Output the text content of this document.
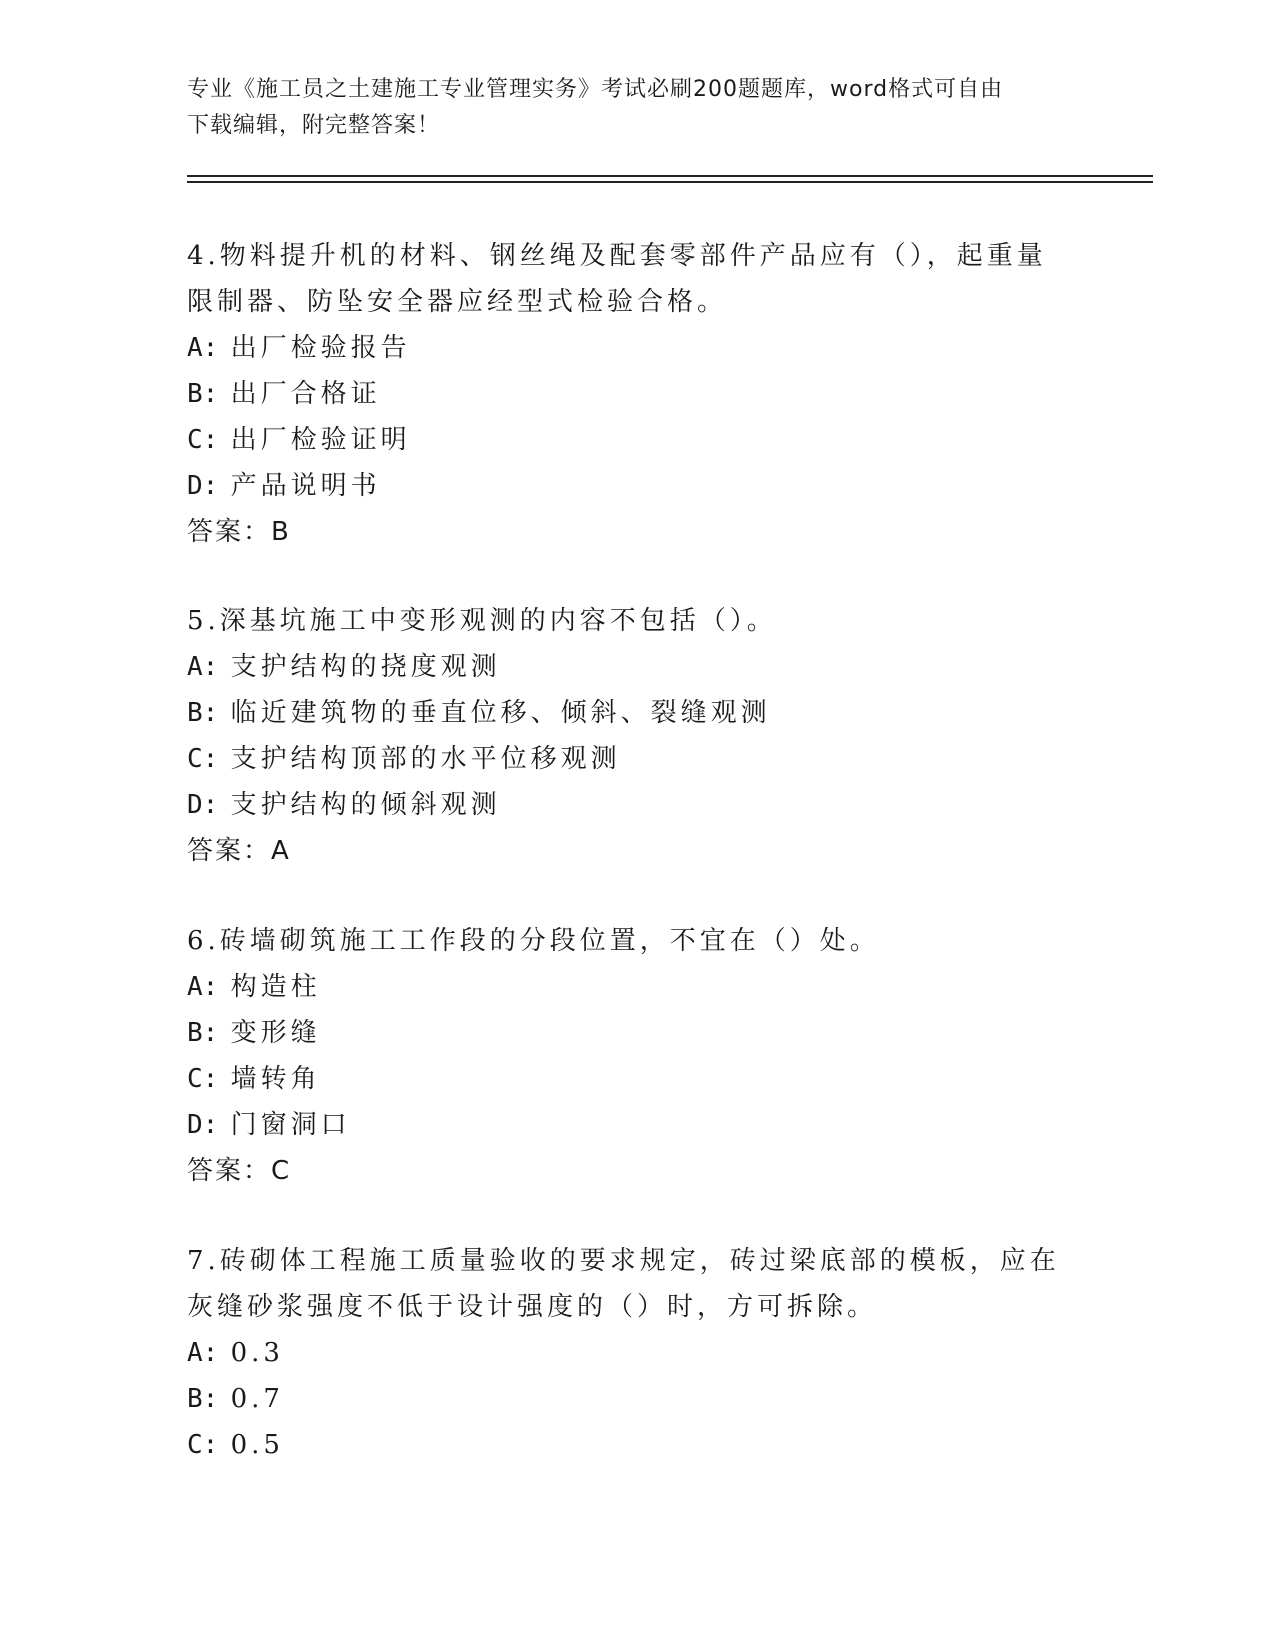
专业《施工员之土建施工专业管理实务》考试必刷200题题库，word格式可自由
下载编辑，附完整答案！

4.物料提升机的材料、钢丝绳及配套零部件产品应有（），起重量限制器、防坠安全器应经型式检验合格。

A: 出厂检验报告

B: 出厂合格证

C: 出厂检验证明

D: 产品说明书

答案：B

5.深基坑施工中变形观测的内容不包括（）。

A: 支护结构的挠度观测

B: 临近建筑物的垂直位移、倾斜、裂缝观测

C: 支护结构顶部的水平位移观测

D: 支护结构的倾斜观测

答案：A

6.砖墙砌筑施工工作段的分段位置，不宜在（）处。

A: 构造柱

B: 变形缝

C: 墙转角

D: 门窗洞口

答案：C

7.砖砌体工程施工质量验收的要求规定，砖过梁底部的模板，应在灰缝砂浆强度不低于设计强度的（）时，方可拆除。

A: 0.3

B: 0.7

C: 0.5
